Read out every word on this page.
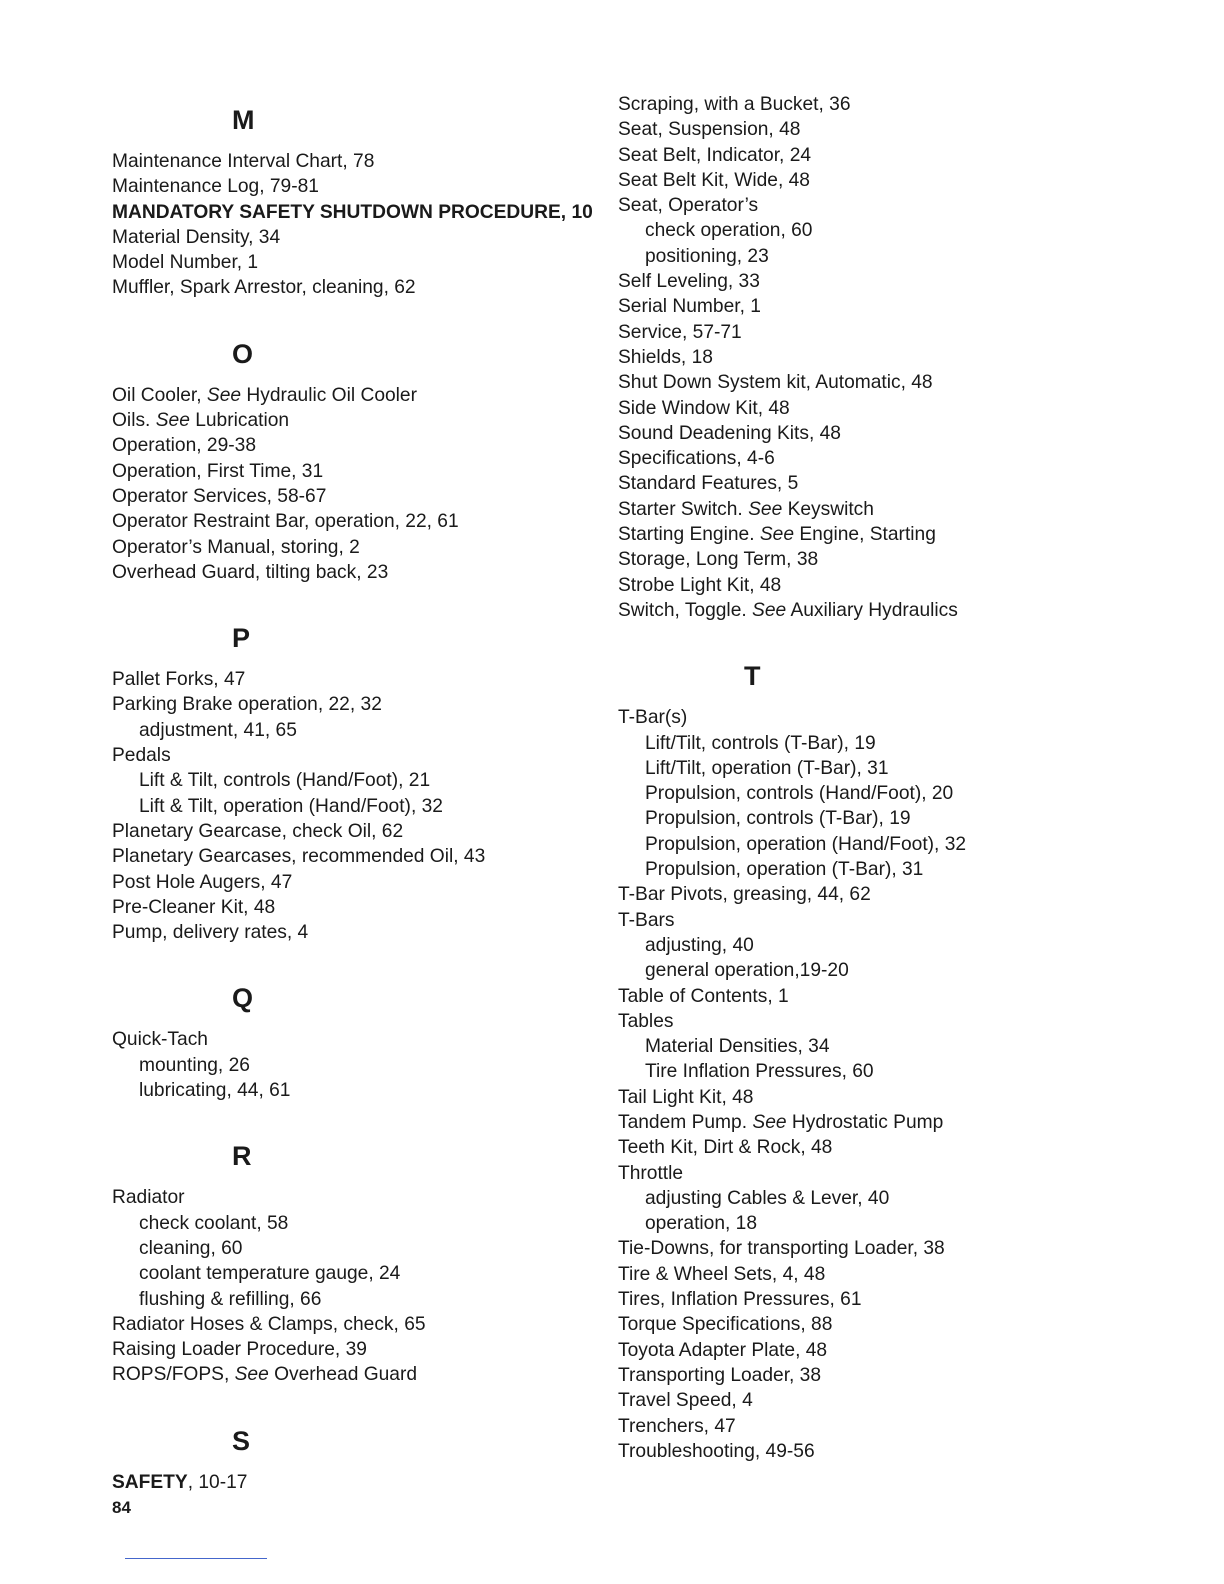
M
Maintenance Interval Chart, 78
Maintenance Log, 79-81
MANDATORY SAFETY SHUTDOWN PROCEDURE, 10
Material Density, 34
Model Number, 1
Muffler, Spark Arrestor, cleaning, 62
O
Oil Cooler, See Hydraulic Oil Cooler
Oils. See Lubrication
Operation, 29-38
Operation, First Time, 31
Operator Services, 58-67
Operator Restraint Bar, operation, 22, 61
Operator’s Manual, storing, 2
Overhead Guard, tilting back, 23
P
Pallet Forks, 47
Parking Brake operation, 22, 32
adjustment, 41, 65
Pedals
Lift & Tilt, controls (Hand/Foot), 21
Lift & Tilt, operation (Hand/Foot), 32
Planetary Gearcase, check Oil, 62
Planetary Gearcases, recommended Oil, 43
Post Hole Augers, 47
Pre-Cleaner Kit, 48
Pump, delivery rates, 4
Q
Quick-Tach
mounting, 26
lubricating, 44, 61
R
Radiator
check coolant, 58
cleaning, 60
coolant temperature gauge, 24
flushing & refilling, 66
Radiator Hoses & Clamps, check, 65
Raising Loader Procedure, 39
ROPS/FOPS, See Overhead Guard
S
SAFETY, 10-17
Scraping, with a Bucket, 36
Seat, Suspension, 48
Seat Belt, Indicator, 24
Seat Belt Kit, Wide, 48
Seat, Operator’s
check operation, 60
positioning, 23
Self Leveling, 33
Serial Number, 1
Service, 57-71
Shields, 18
Shut Down System kit, Automatic, 48
Side Window Kit, 48
Sound Deadening Kits, 48
Specifications, 4-6
Standard Features, 5
Starter Switch. See Keyswitch
Starting Engine. See Engine, Starting
Storage, Long Term, 38
Strobe Light Kit, 48
Switch, Toggle. See Auxiliary Hydraulics
T
T-Bar(s)
Lift/Tilt, controls (T-Bar), 19
Lift/Tilt, operation (T-Bar), 31
Propulsion, controls (Hand/Foot), 20
Propulsion, controls (T-Bar), 19
Propulsion, operation (Hand/Foot), 32
Propulsion, operation (T-Bar), 31
T-Bar Pivots, greasing, 44, 62
T-Bars
adjusting, 40
general operation,19-20
Table of Contents, 1
Tables
Material Densities, 34
Tire Inflation Pressures, 60
Tail Light Kit, 48
Tandem Pump. See Hydrostatic Pump
Teeth Kit, Dirt & Rock, 48
Throttle
adjusting Cables & Lever, 40
operation, 18
Tie-Downs, for transporting Loader, 38
Tire & Wheel Sets, 4, 48
Tires, Inflation Pressures, 61
Torque Specifications, 88
Toyota Adapter Plate, 48
Transporting Loader, 38
Travel Speed, 4
Trenchers, 47
Troubleshooting, 49-56
84
